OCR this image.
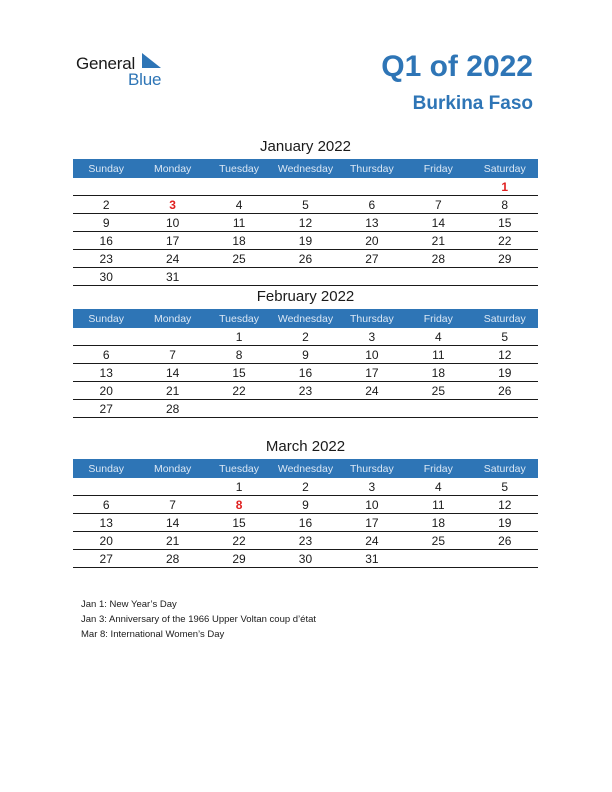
General
Blue	Q1 of 2022
Burkina Faso
January 2022
Sunday	Monday	Tuesday	Wednesday	Thursday	Friday	Saturday
						1
2	3	4	5	6	7	8
9	10	11	12	13	14	15
16	17	18	19	20	21	22
23	24	25	26	27	28	29
30	31					
February 2022
Sunday	Monday	Tuesday	Wednesday	Thursday	Friday	Saturday
		1	2	3	4	5
6	7	8	9	10	11	12
13	14	15	16	17	18	19
20	21	22	23	24	25	26
27	28					
March 2022
Sunday	Monday	Tuesday	Wednesday	Thursday	Friday	Saturday
		1	2	3	4	5
6	7	8	9	10	11	12
13	14	15	16	17	18	19
20	21	22	23	24	25	26
27	28	29	30	31		
Jan 1: New Year’s Day
Jan 3: Anniversary of the 1966 Upper Voltan coup d’état
Mar 8: International Women’s Day
